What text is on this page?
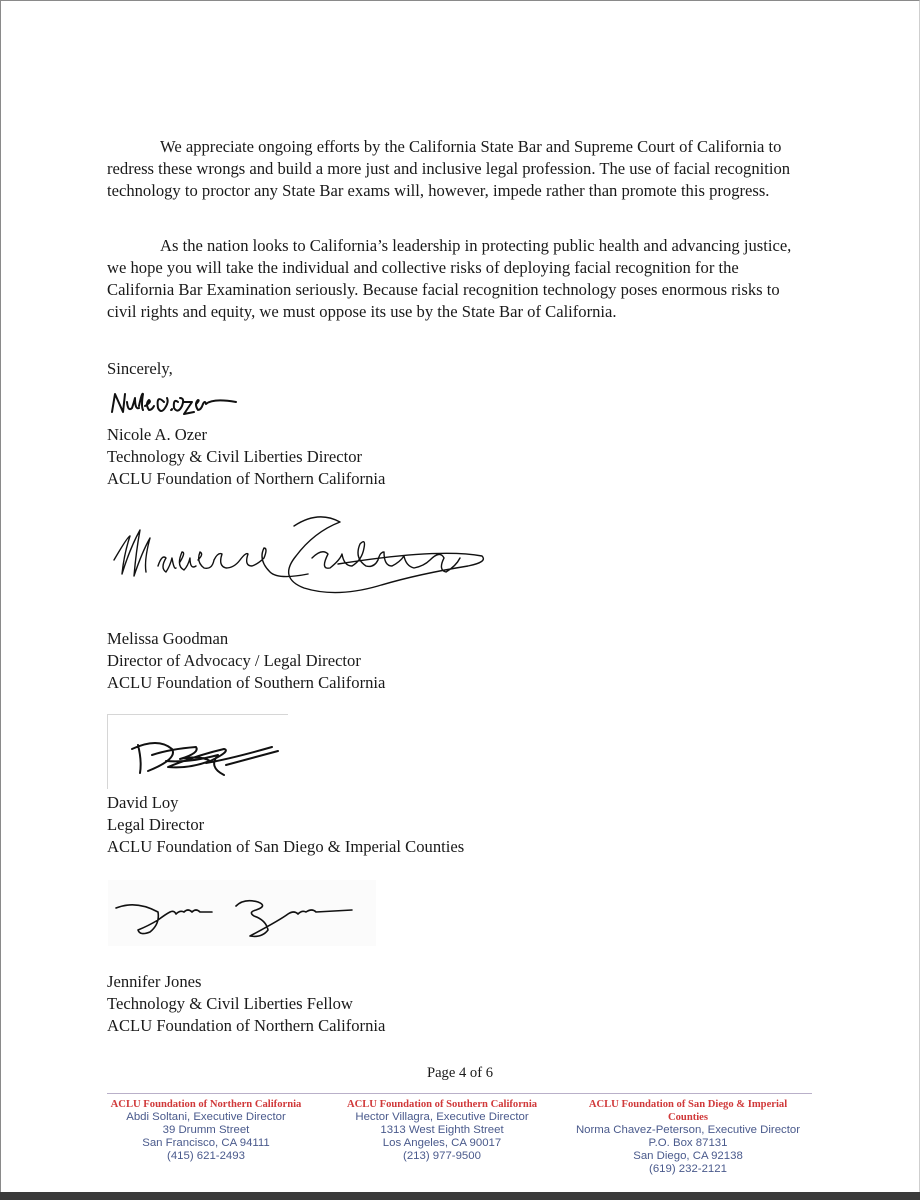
We appreciate ongoing efforts by the California State Bar and Supreme Court of California to redress these wrongs and build a more just and inclusive legal profession. The use of facial recognition technology to proctor any State Bar exams will, however, impede rather than promote this progress.

As the nation looks to California’s leadership in protecting public health and advancing justice, we hope you will take the individual and collective risks of deploying facial recognition for the California Bar Examination seriously. Because facial recognition technology poses enormous risks to civil rights and equity, we must oppose its use by the State Bar of California.

Sincerely,
Nicole A. Ozer
Technology & Civil Liberties Director
ACLU Foundation of Northern California
Melissa Goodman
Director of Advocacy / Legal Director
ACLU Foundation of Southern California
David Loy
Legal Director
ACLU Foundation of San Diego & Imperial Counties
Jennifer Jones
Technology & Civil Liberties Fellow
ACLU Foundation of Northern California
Page 4 of 6
ACLU Foundation of Northern California
Abdi Soltani, Executive Director
39 Drumm Street
San Francisco, CA 94111
(415) 621-2493
ACLU Foundation of Southern California
Hector Villagra, Executive Director
1313 West Eighth Street
Los Angeles, CA 90017
(213) 977-9500
ACLU Foundation of San Diego & Imperial Counties
Norma Chavez-Peterson, Executive Director
P.O. Box 87131
San Diego, CA 92138
(619) 232-2121
